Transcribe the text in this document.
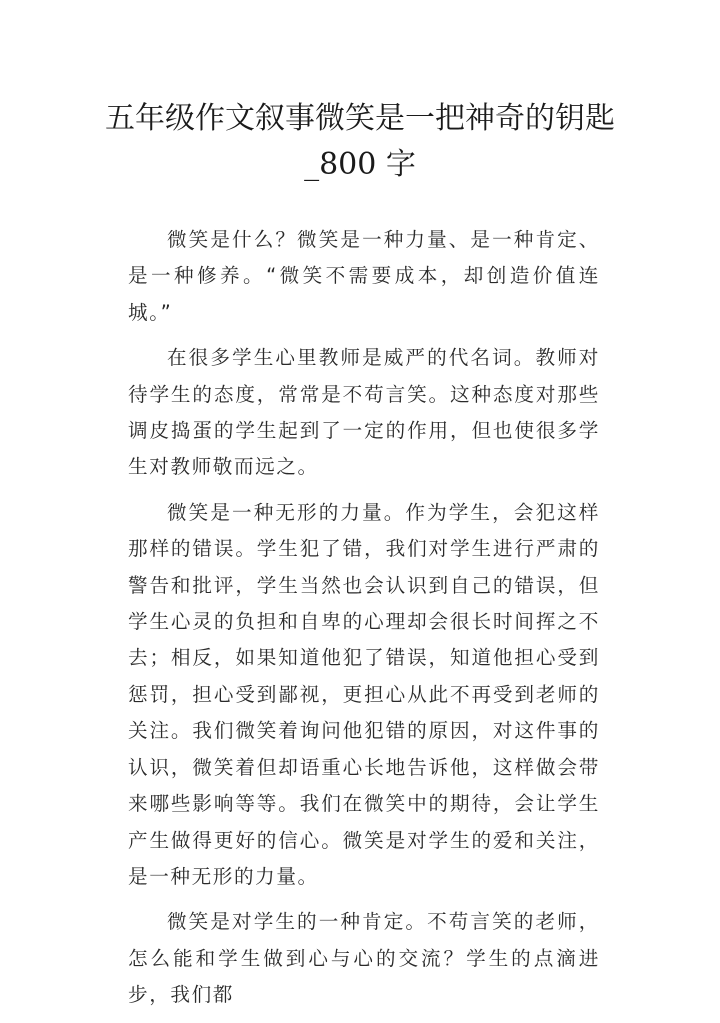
五年级作文叙事微笑是一把神奇的钥匙_800 字

微笑是什么？微笑是一种力量、是一种肯定、是一种修养。“微笑不需要成本，却创造价值连城。”

在很多学生心里教师是威严的代名词。教师对待学生的态度，常常是不苟言笑。这种态度对那些调皮捣蛋的学生起到了一定的作用，但也使很多学生对教师敬而远之。

微笑是一种无形的力量。作为学生，会犯这样那样的错误。学生犯了错，我们对学生进行严肃的警告和批评，学生当然也会认识到自己的错误，但学生心灵的负担和自卑的心理却会很长时间挥之不去；相反，如果知道他犯了错误，知道他担心受到惩罚，担心受到鄙视，更担心从此不再受到老师的关注。我们微笑着询问他犯错的原因，对这件事的认识，微笑着但却语重心长地告诉他，这样做会带来哪些影响等等。我们在微笑中的期待，会让学生产生做得更好的信心。微笑是对学生的爱和关注，是一种无形的力量。

微笑是对学生的一种肯定。不苟言笑的老师，怎么能和学生做到心与心的交流？学生的点滴进步，我们都
